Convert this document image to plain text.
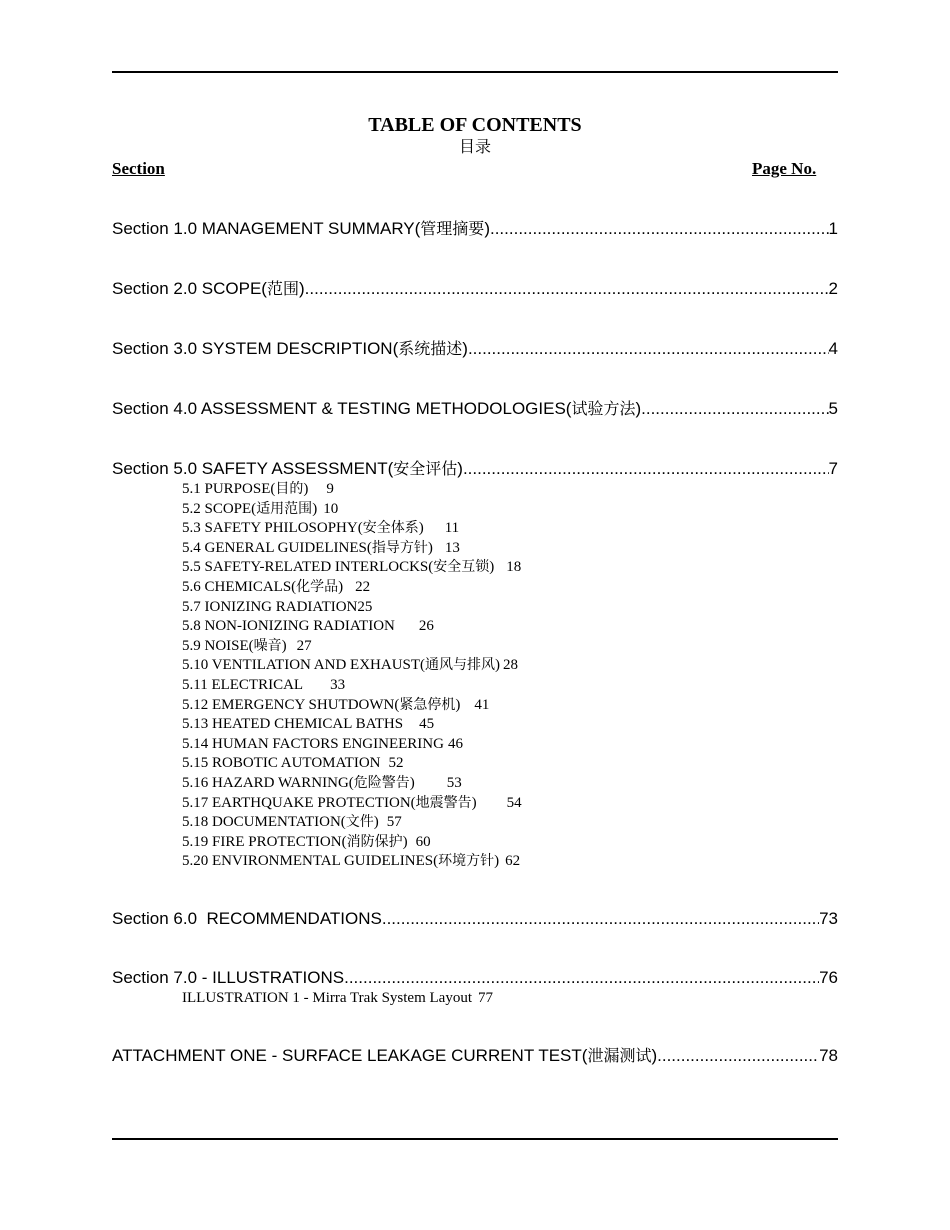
TABLE OF CONTENTS
目录
Section	Page No.
Section 1.0 MANAGEMENT SUMMARY(管理摘要) .....	1
Section 2.0 SCOPE(范围) .....	2
Section 3.0 SYSTEM DESCRIPTION(系统描述) .....	4
Section 4.0 ASSESSMENT & TESTING METHODOLOGIES(试验方法) .....	5
Section 5.0 SAFETY ASSESSMENT(安全评估) .....	7
5.1 PURPOSE(目的) 9
5.2 SCOPE(适用范围) 10
5.3 SAFETY PHILOSOPHY(安全体系) 11
5.4 GENERAL GUIDELINES(指导方针) 13
5.5 SAFETY-RELATED INTERLOCKS(安全互锁) 18
5.6 CHEMICALS(化学品) 22
5.7 IONIZING RADIATION25
5.8 NON-IONIZING RADIATION 26
5.9 NOISE(噪音) 27
5.10 VENTILATION AND EXHAUST(通风与排风) 28
5.11 ELECTRICAL 33
5.12 EMERGENCY SHUTDOWN(紧急停机) 41
5.13 HEATED CHEMICAL BATHS 45
5.14 HUMAN FACTORS ENGINEERING 46
5.15 ROBOTIC AUTOMATION 52
5.16 HAZARD WARNING(危险警告) 53
5.17 EARTHQUAKE PROTECTION(地震警告) 54
5.18 DOCUMENTATION(文件) 57
5.19 FIRE PROTECTION(消防保护) 60
5.20 ENVIRONMENTAL GUIDELINES(环境方针) 62
Section 6.0  RECOMMENDATIONS .....	73
Section 7.0 - ILLUSTRATIONS .....	76
ILLUSTRATION 1 - Mirra Trak System Layout 77
ATTACHMENT ONE - SURFACE LEAKAGE CURRENT TEST(泄漏测试) .....	78
